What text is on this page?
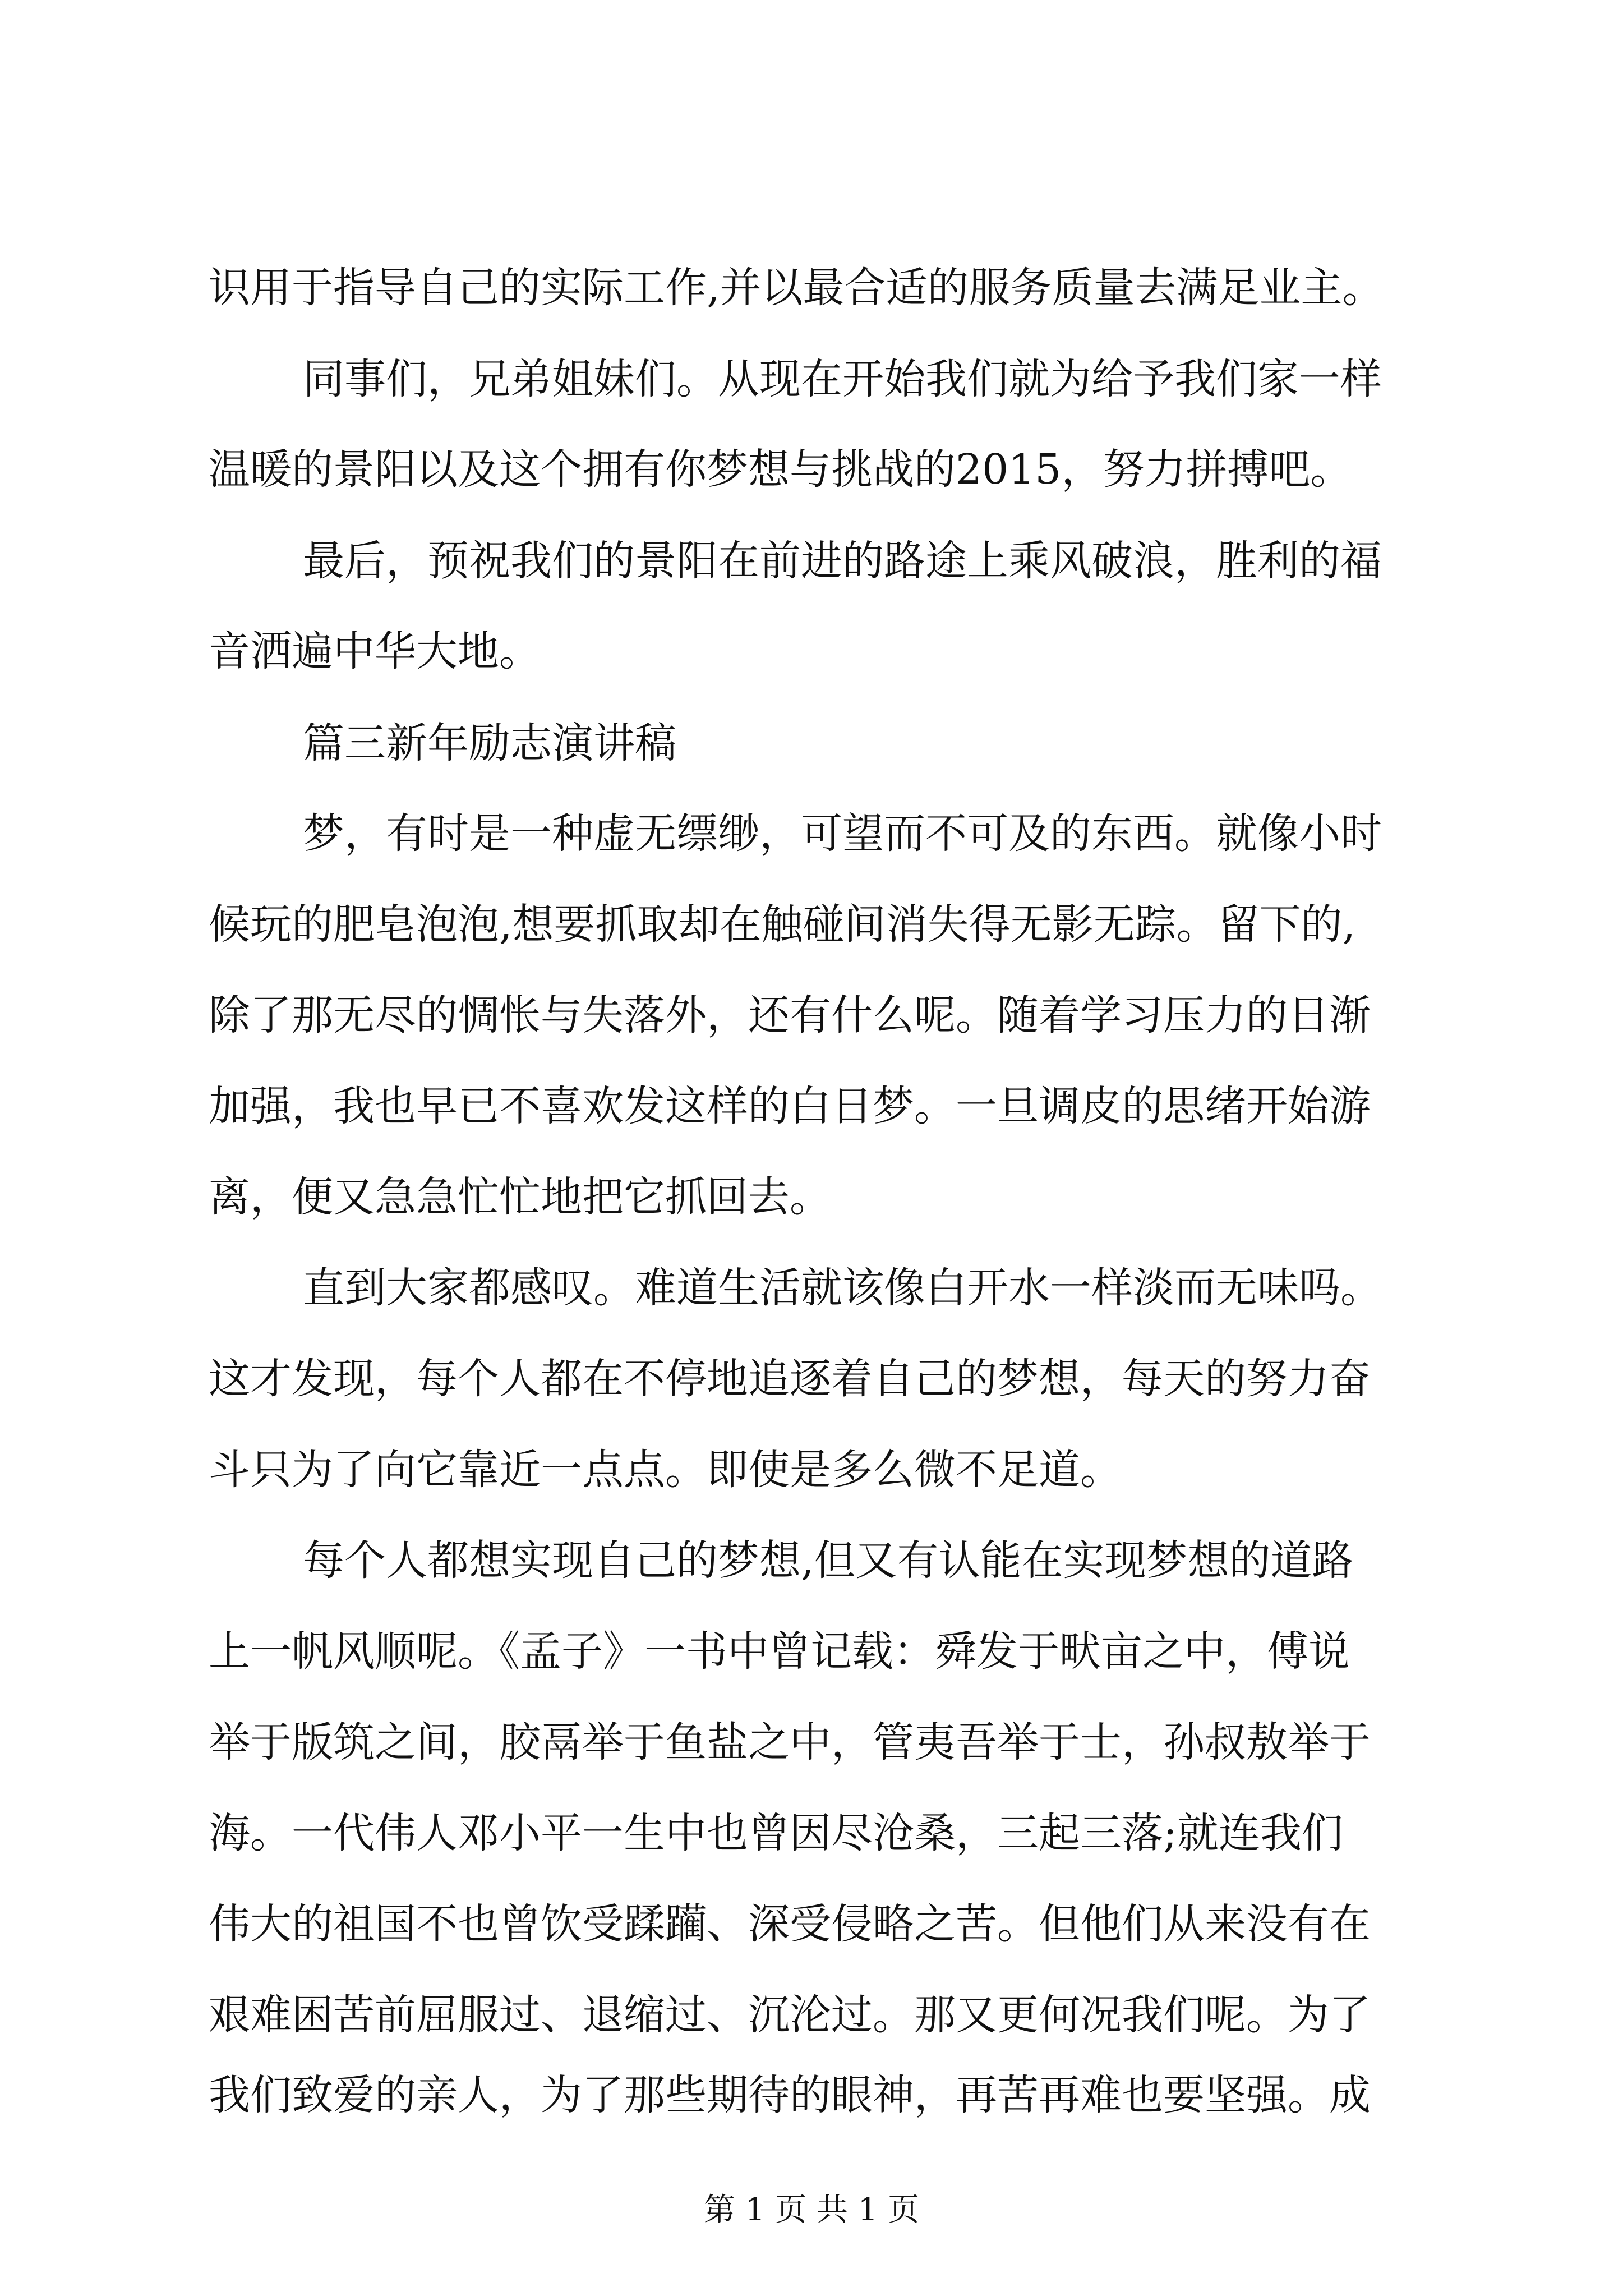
识用于指导自己的实际工作,并以最合适的服务质量去满足业主。
同事们，兄弟姐妹们。从现在开始我们就为给予我们家一样
温暖的景阳以及这个拥有你梦想与挑战的2015，努力拼搏吧。
最后，预祝我们的景阳在前进的路途上乘风破浪，胜利的福
音洒遍中华大地。
篇三新年励志演讲稿
梦，有时是一种虚无缥缈，可望而不可及的东西。就像小时
候玩的肥皂泡泡,想要抓取却在触碰间消失得无影无踪。留下的,
除了那无尽的惆怅与失落外，还有什么呢。随着学习压力的日渐
加强，我也早已不喜欢发这样的白日梦。一旦调皮的思绪开始游
离，便又急急忙忙地把它抓回去。
直到大家都感叹。难道生活就该像白开水一样淡而无味吗。
这才发现，每个人都在不停地追逐着自己的梦想，每天的努力奋
斗只为了向它靠近一点点。即使是多么微不足道。
每个人都想实现自己的梦想,但又有认能在实现梦想的道路
上一帆风顺呢。《孟子》一书中曾记载：舜发于畎亩之中，傅说
举于版筑之间，胶鬲举于鱼盐之中，管夷吾举于士，孙叔敖举于
海。一代伟人邓小平一生中也曾因尽沧桑，三起三落;就连我们
伟大的祖国不也曾饮受蹂躏、深受侵略之苦。但他们从来没有在
艰难困苦前屈服过、退缩过、沉沦过。那又更何况我们呢。为了
我们致爱的亲人，为了那些期待的眼神，再苦再难也要坚强。成
第 1 页 共 1 页
